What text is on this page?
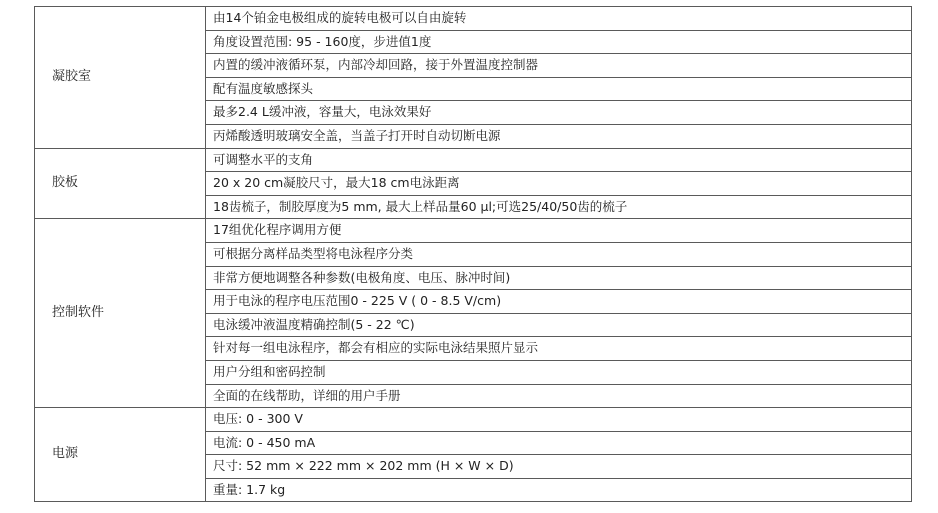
凝胶室	由14个铂金电极组成的旋转电极可以自由旋转
	角度设置范围: 95 - 160度，步进值1度
	内置的缓冲液循环泵，内部冷却回路，接于外置温度控制器
	配有温度敏感探头
	最多2.4 L缓冲液，容量大，电泳效果好
	丙烯酸透明玻璃安全盖，当盖子打开时自动切断电源
胶板	可调整水平的支角
	20 x 20 cm凝胶尺寸，最大18 cm电泳距离
	18齿梳子，制胶厚度为5 mm, 最大上样品量60 µl;可选25/40/50齿的梳子
控制软件	17组优化程序调用方便
	可根据分离样品类型将电泳程序分类
	非常方便地调整各种参数(电极角度、电压、脉冲时间)
	用于电泳的程序电压范围0 - 225 V ( 0 - 8.5 V/cm)
	电泳缓冲液温度精确控制(5 - 22 ℃)
	针对每一组电泳程序，都会有相应的实际电泳结果照片显示
	用户分组和密码控制
	全面的在线帮助，详细的用户手册
电源	电压: 0 - 300 V
	电流: 0 - 450 mA
	尺寸: 52 mm × 222 mm × 202 mm (H × W × D)
	重量: 1.7 kg
